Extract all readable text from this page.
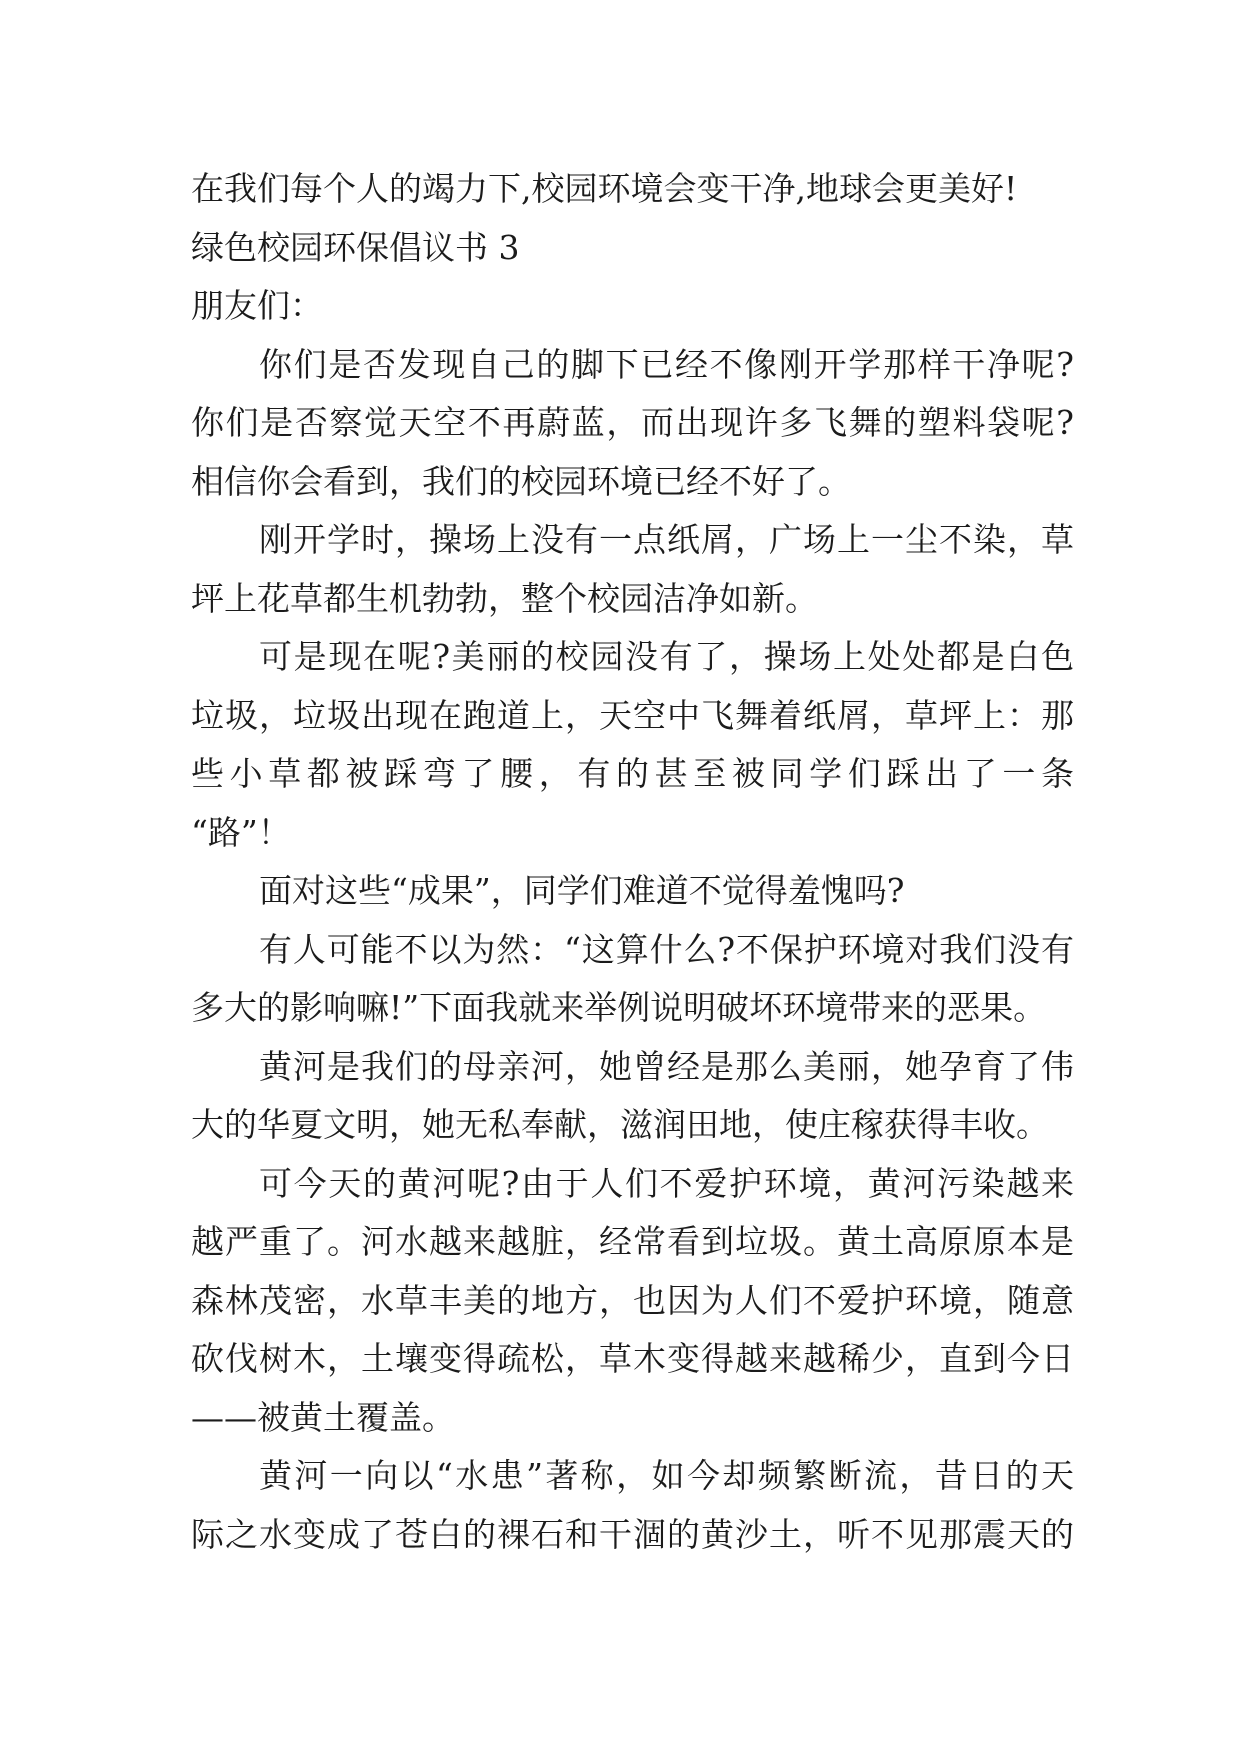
在我们每个人的竭力下,校园环境会变干净,地球会更美好!
绿色校园环保倡议书 3
朋友们：
你们是否发现自己的脚下已经不像刚开学那样干净呢?
你们是否察觉天空不再蔚蓝，而出现许多飞舞的塑料袋呢?
相信你会看到，我们的校园环境已经不好了。
刚开学时，操场上没有一点纸屑，广场上一尘不染，草
坪上花草都生机勃勃，整个校园洁净如新。
可是现在呢?美丽的校园没有了，操场上处处都是白色
垃圾，垃圾出现在跑道上，天空中飞舞着纸屑，草坪上：那
些小草都被踩弯了腰，有的甚至被同学们踩出了一条
“路”！
面对这些“成果”，同学们难道不觉得羞愧吗?
有人可能不以为然：“这算什么?不保护环境对我们没有
多大的影响嘛!”下面我就来举例说明破坏环境带来的恶果。
黄河是我们的母亲河，她曾经是那么美丽，她孕育了伟
大的华夏文明，她无私奉献，滋润田地，使庄稼获得丰收。
可今天的黄河呢?由于人们不爱护环境，黄河污染越来
越严重了。河水越来越脏，经常看到垃圾。黄土高原原本是
森林茂密，水草丰美的地方，也因为人们不爱护环境，随意
砍伐树木，土壤变得疏松，草木变得越来越稀少，直到今日
——被黄土覆盖。
黄河一向以“水患”著称，如今却频繁断流，昔日的天
际之水变成了苍白的裸石和干涸的黄沙土，听不见那震天的
